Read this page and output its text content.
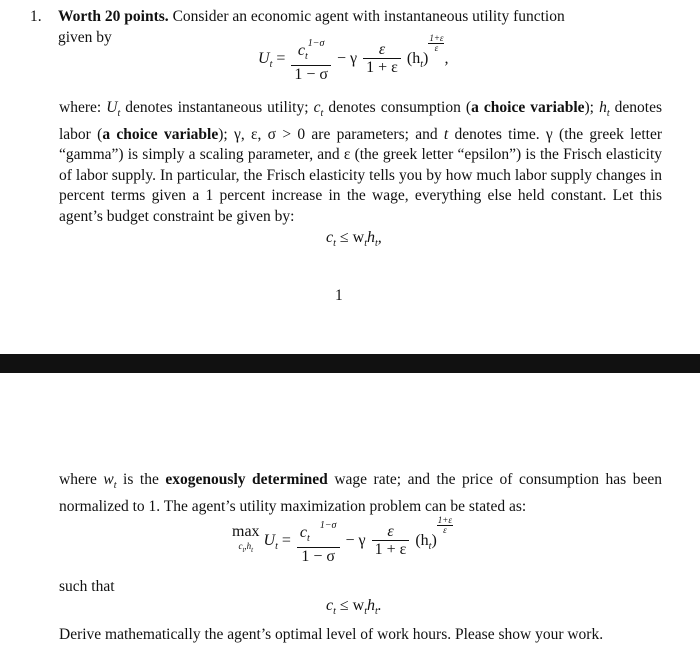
1. Worth 20 points. Consider an economic agent with instantaneous utility function
given by

$U_t = \frac{c_t^{1-\sigma}}{1 - \sigma} - \gamma \frac{\varepsilon}{1 + \varepsilon} (h_t)$
$\frac{1+\varepsilon}{\varepsilon}$
,

where: $U_t$ denotes instantaneous utility; $c_t$ denotes consumption (a choice variable); $h_t$ denotes labor (a choice variable); γ, ε, σ > 0 are parameters; and t denotes time. γ (the greek letter “gamma”) is simply a scaling parameter, and ε (the greek letter “epsilon”) is the Frisch elasticity of labor supply. In particular, the Frisch elasticity tells you by how much labor supply changes in percent terms given a 1 percent increase in the wage, everything else held constant. Let this agent’s budget constraint be given by:

$c_t \le w_th_t$,
1

where $w_t$ is the exogenously determined wage rate; and the price of consumption has been normalized to 1. The agent’s utility maximization problem can be stated as:

max
$c_t,h_t$
$U_t = \frac{c_t^{1-\sigma}}{1 - \sigma} - \gamma \frac{\varepsilon}{1 + \varepsilon} (h_t)$
$\frac{1+\varepsilon}{\varepsilon}$

such that

$c_t \le w_th_t$.

Derive mathematically the agent’s optimal level of work hours. Please show your work.
